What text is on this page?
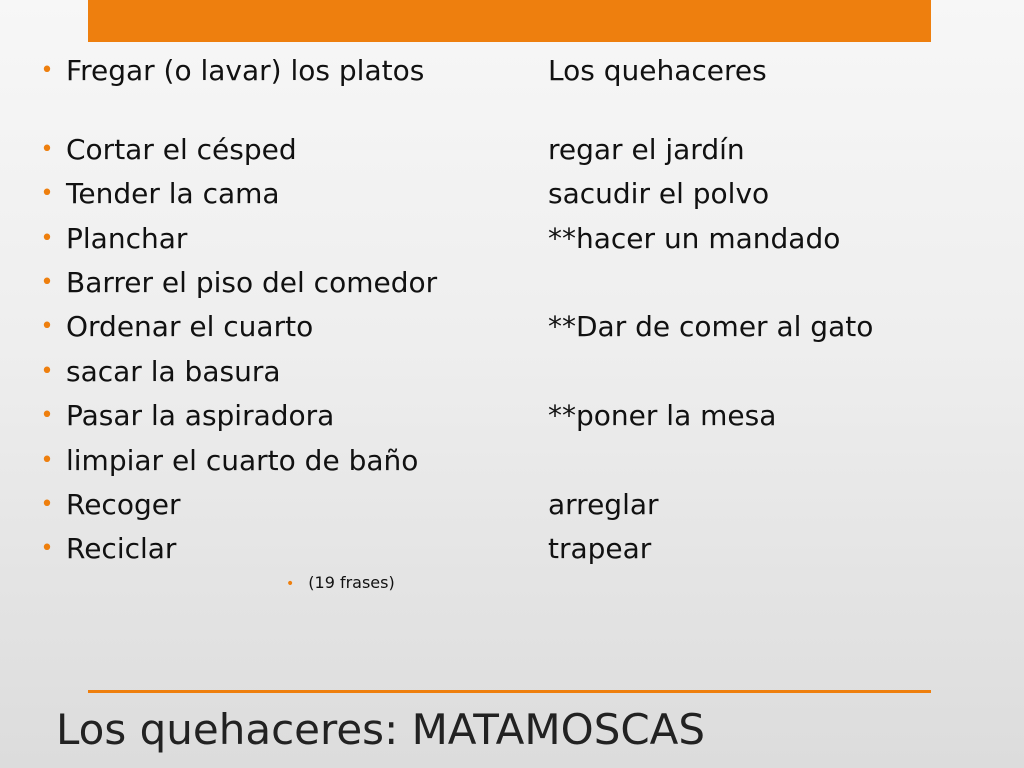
• Fregar (o lavar) los platos	Los quehaceres
• Cortar el césped	regar el jardín
• Tender la cama	sacudir el polvo
• Planchar	**hacer un mandado
• Barrer el piso del comedor
• Ordenar el cuarto	**Dar de comer al gato
• sacar la basura
• Pasar la aspiradora	**poner la mesa
• limpiar el cuarto de baño
• Recoger	arreglar
• Reciclar	trapear
• (19 frases)
Los quehaceres: MATAMOSCAS
